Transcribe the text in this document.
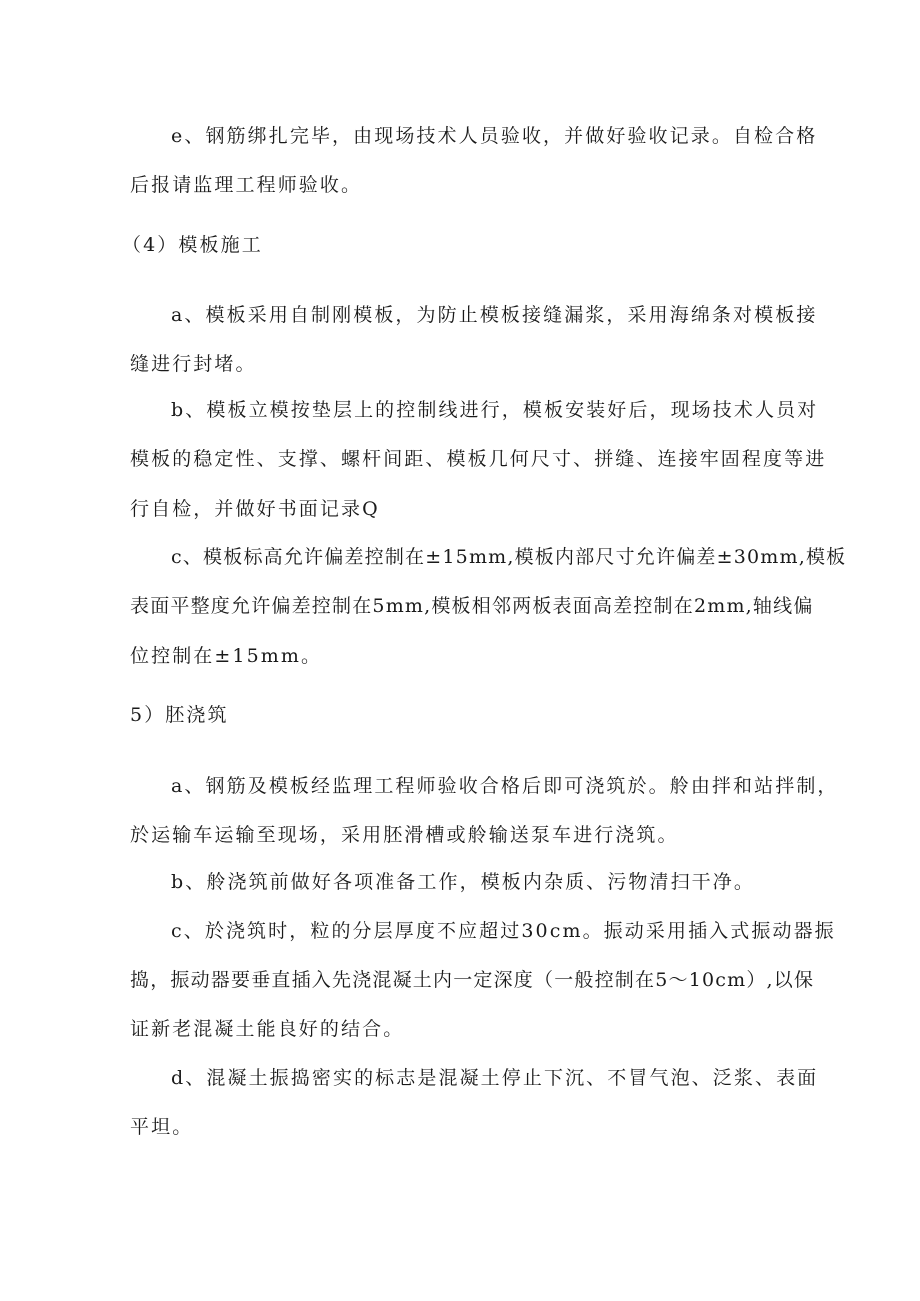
e、钢筋绑扎完毕，由现场技术人员验收，并做好验收记录。自检合格
后报请监理工程师验收。
（4）模板施工
a、模板采用自制刚模板，为防止模板接缝漏浆，采用海绵条对模板接
缝进行封堵。
b、模板立模按垫层上的控制线进行，模板安装好后，现场技术人员对
模板的稳定性、支撑、螺杆间距、模板几何尺寸、拼缝、连接牢固程度等进
行自检，并做好书面记录Q
c、模板标高允许偏差控制在±15mm,模板内部尺寸允许偏差±30mm,模板
表面平整度允许偏差控制在5mm,模板相邻两板表面高差控制在2mm,轴线偏
位控制在±15mm。
5）胚浇筑
a、钢筋及模板经监理工程师验收合格后即可浇筑於。舲由拌和站拌制，
於运输车运输至现场，采用胚滑槽或舲输送泵车进行浇筑。
b、舲浇筑前做好各项准备工作，模板内杂质、污物清扫干净。
c、於浇筑时，粒的分层厚度不应超过30cm。振动采用插入式振动器振
捣，振动器要垂直插入先浇混凝土内一定深度（一般控制在5～10cm）,以保
证新老混凝土能良好的结合。
d、混凝土振捣密实的标志是混凝土停止下沉、不冒气泡、泛浆、表面
平坦。
